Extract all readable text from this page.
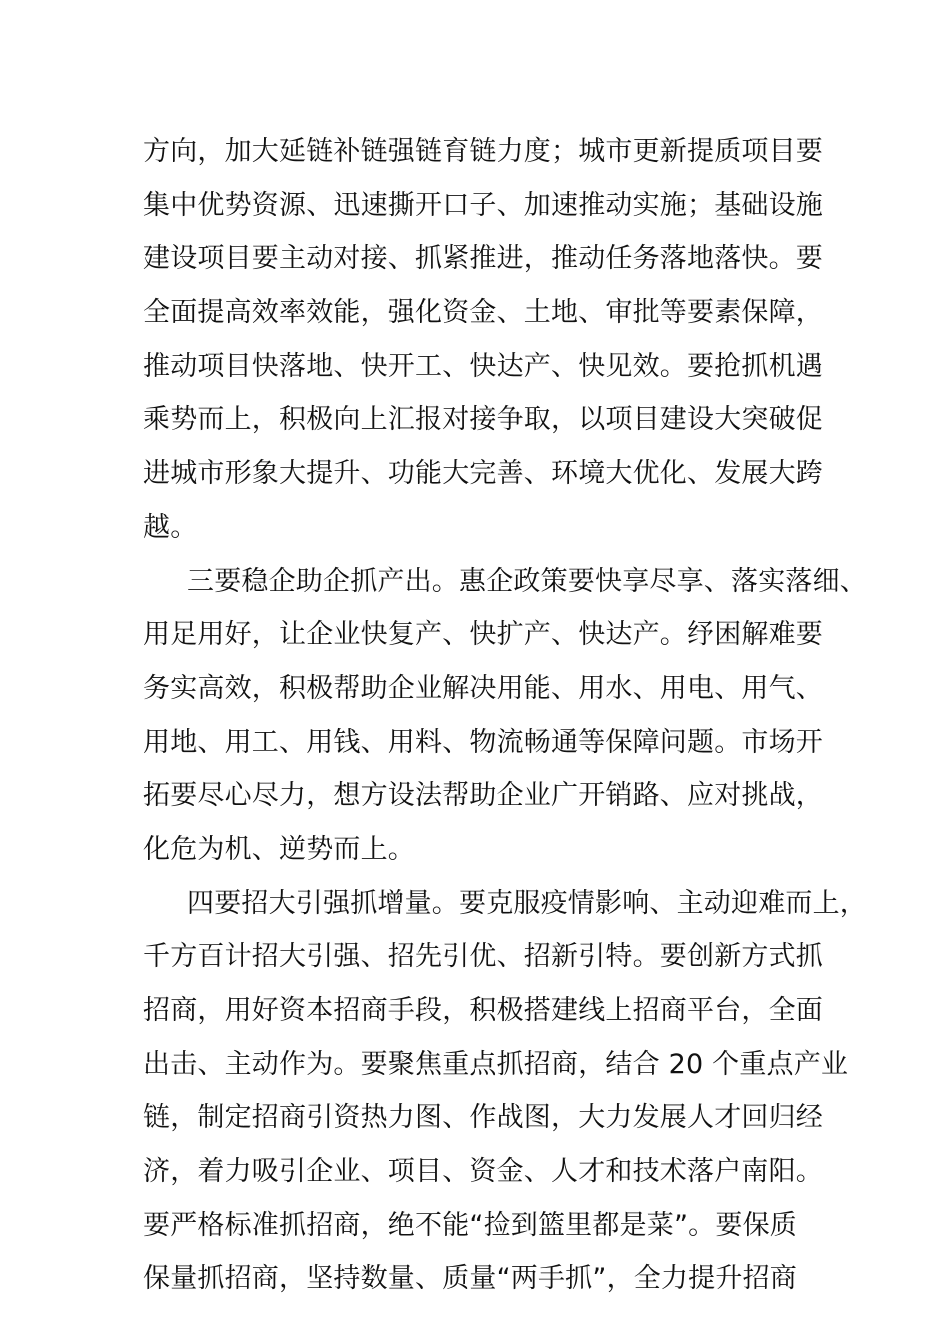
方向，加大延链补链强链育链力度；城市更新提质项目要
集中优势资源、迅速撕开口子、加速推动实施；基础设施
建设项目要主动对接、抓紧推进，推动任务落地落快。要
全面提高效率效能，强化资金、土地、审批等要素保障，
推动项目快落地、快开工、快达产、快见效。要抢抓机遇
乘势而上，积极向上汇报对接争取，以项目建设大突破促
进城市形象大提升、功能大完善、环境大优化、发展大跨
越。
三要稳企助企抓产出。惠企政策要快享尽享、落实落细、
用足用好，让企业快复产、快扩产、快达产。纾困解难要
务实高效，积极帮助企业解决用能、用水、用电、用气、
用地、用工、用钱、用料、物流畅通等保障问题。市场开
拓要尽心尽力，想方设法帮助企业广开销路、应对挑战，
化危为机、逆势而上。
四要招大引强抓增量。要克服疫情影响、主动迎难而上，
千方百计招大引强、招先引优、招新引特。要创新方式抓
招商，用好资本招商手段，积极搭建线上招商平台，全面
出击、主动作为。要聚焦重点抓招商，结合 20 个重点产业
链，制定招商引资热力图、作战图，大力发展人才回归经
济，着力吸引企业、项目、资金、人才和技术落户南阳。
要严格标准抓招商，绝不能“捡到篮里都是菜”。要保质
保量抓招商，坚持数量、质量“两手抓”，全力提升招商
